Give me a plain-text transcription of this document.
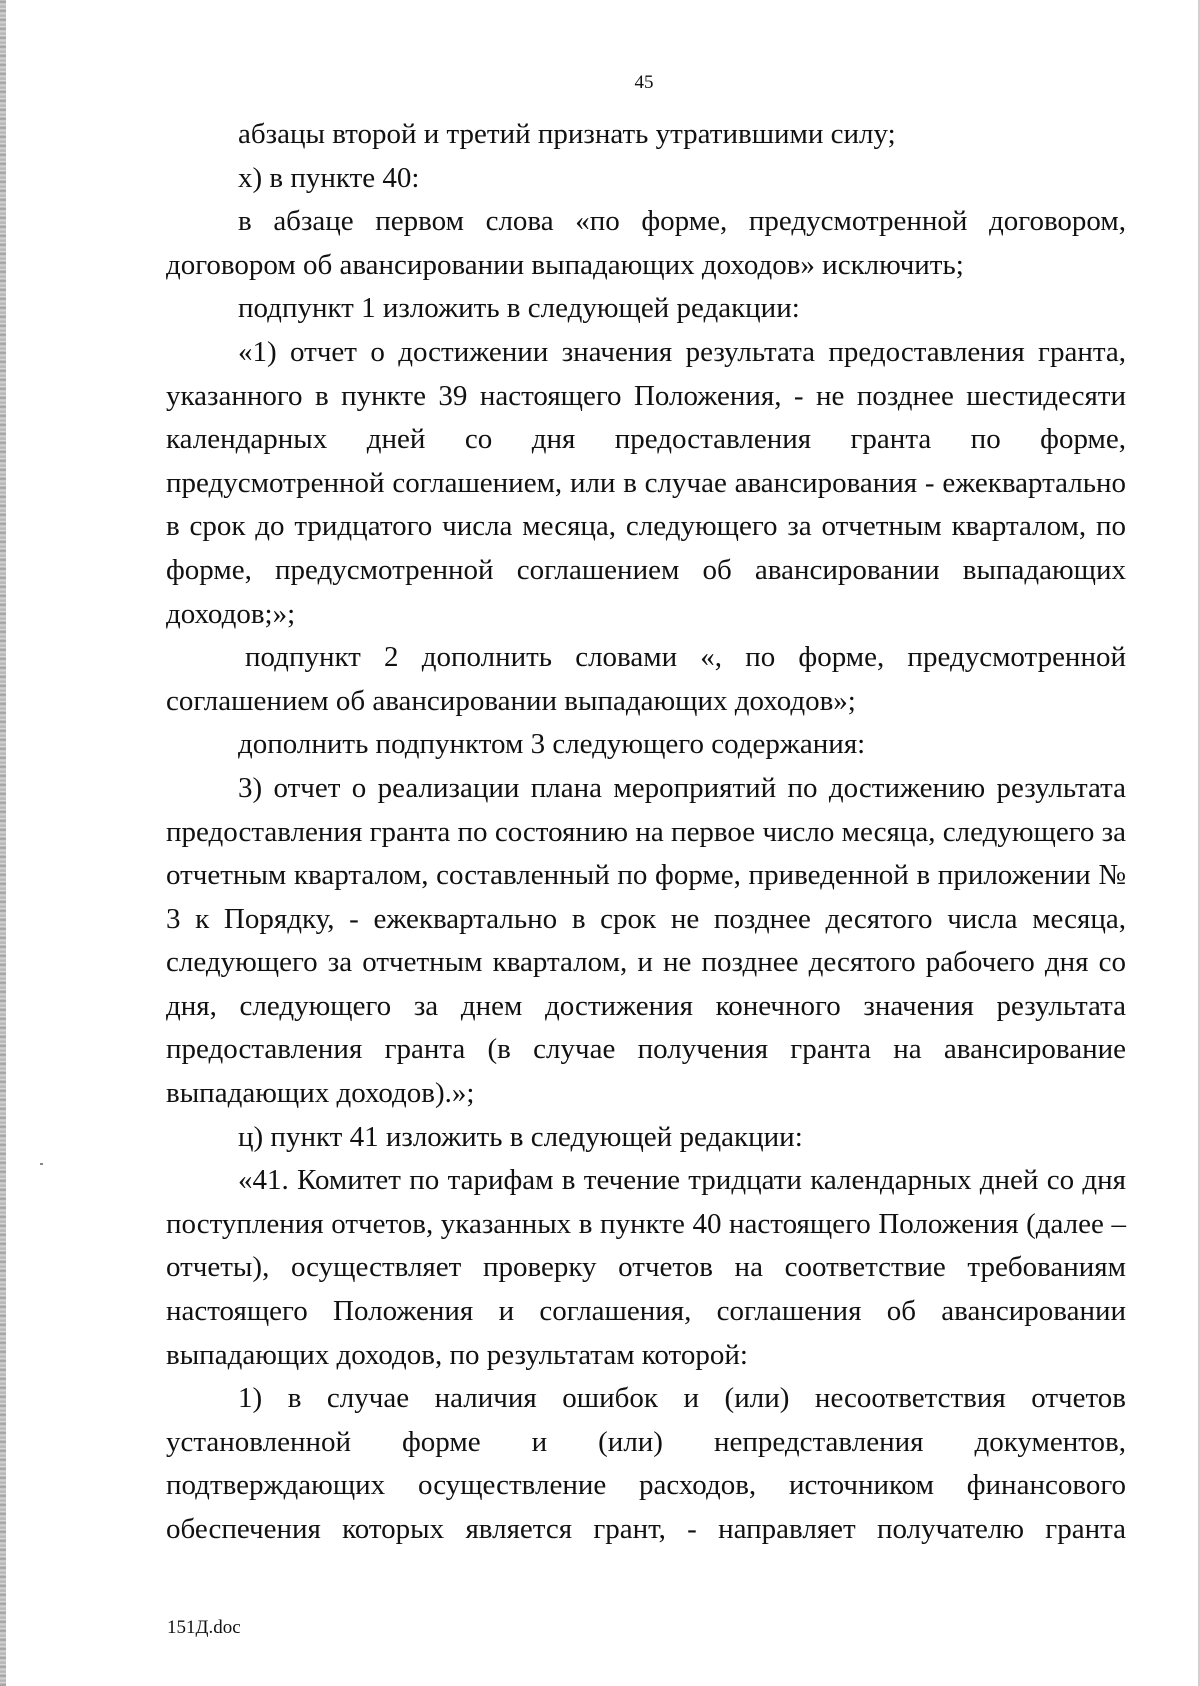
45

абзацы второй и третий признать утратившими силу;

х) в пункте 40:

в абзаце первом слова «по форме, предусмотренной договором, договором об авансировании выпадающих доходов» исключить;

подпункт 1 изложить в следующей редакции:

«1) отчет о достижении значения результата предоставления гранта, указанного в пункте 39 настоящего Положения, - не позднее шестидесяти календарных дней со дня предоставления гранта по форме, предусмотренной соглашением, или в случае авансирования - ежеквартально в срок до тридцатого числа месяца, следующего за отчетным кварталом, по форме, предусмотренной соглашением об авансировании выпадающих доходов;»;

подпункт 2 дополнить словами «, по форме, предусмотренной соглашением об авансировании выпадающих доходов»;

дополнить подпунктом 3 следующего содержания:

3) отчет о реализации плана мероприятий по достижению результата предоставления гранта по состоянию на первое число месяца, следующего за отчетным кварталом, составленный по форме, приведенной в приложении № 3 к Порядку, - ежеквартально в срок не позднее десятого числа месяца, следующего за отчетным кварталом, и не позднее десятого рабочего дня со дня, следующего за днем достижения конечного значения результата предоставления гранта (в случае получения гранта на авансирование выпадающих доходов).»;

ц) пункт 41 изложить в следующей редакции:

«41. Комитет по тарифам в течение тридцати календарных дней со дня поступления отчетов, указанных в пункте 40 настоящего Положения (далее – отчеты), осуществляет проверку отчетов на соответствие требованиям настоящего Положения и соглашения, соглашения об авансировании выпадающих доходов, по результатам которой:

1) в случае наличия ошибок и (или) несоответствия отчетов установленной форме и (или) непредставления документов, подтверждающих осуществление расходов, источником финансового обеспечения которых является грант, - направляет получателю гранта

151Д.doc
